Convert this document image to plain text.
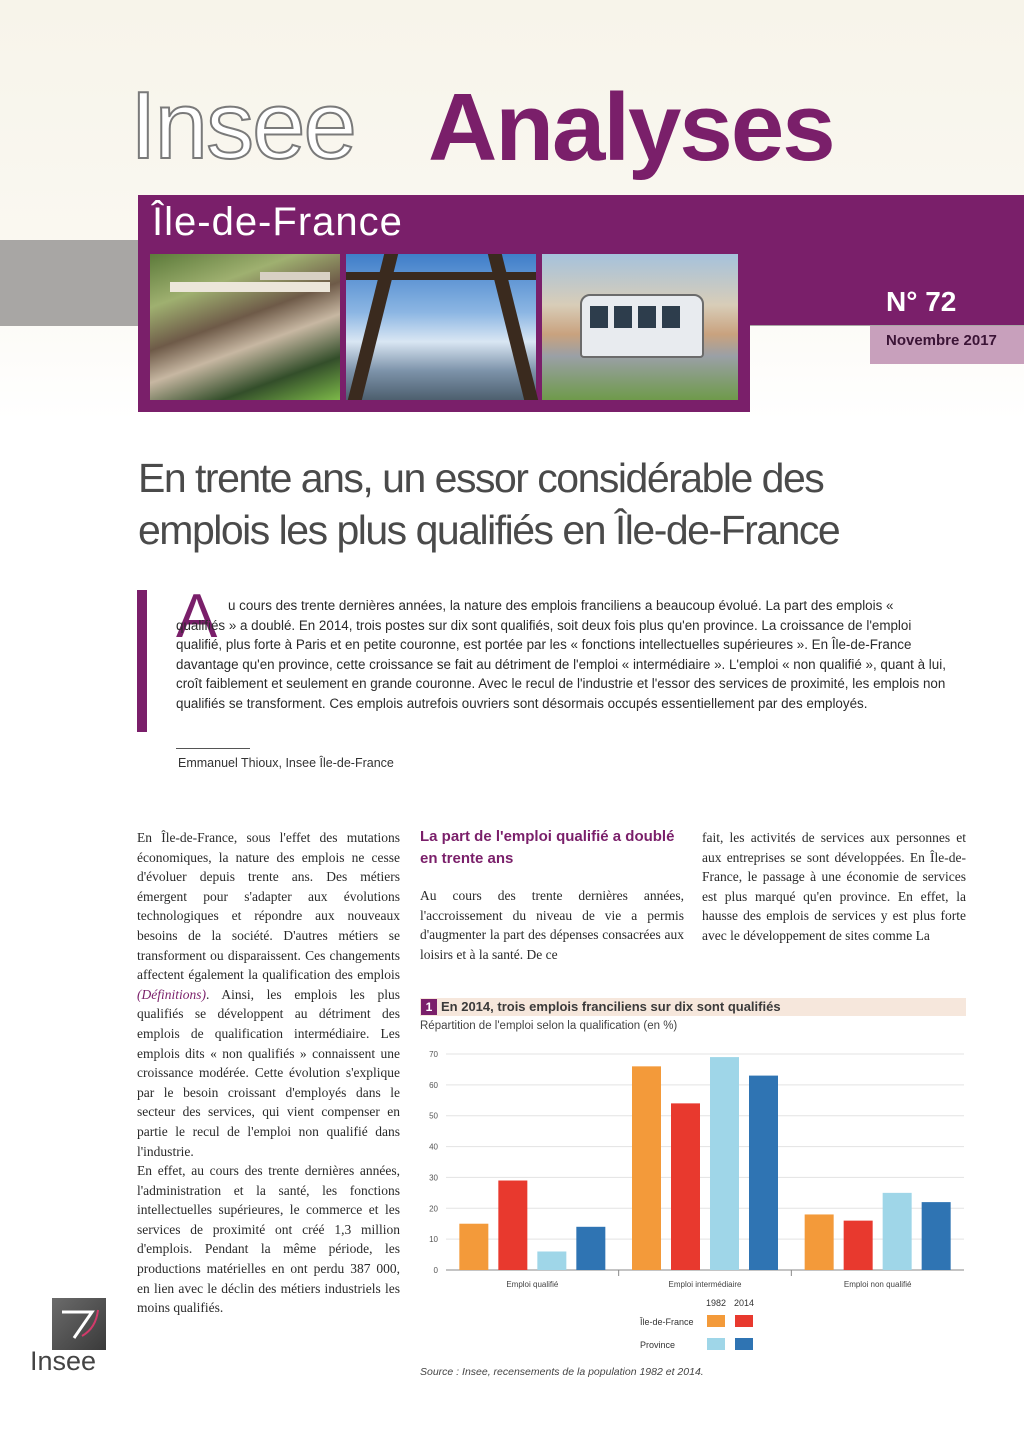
Insee Analyses
Île-de-France
N° 72
Novembre 2017
En trente ans, un essor considérable des emplois les plus qualifiés en Île-de-France
A u cours des trente dernières années, la nature des emplois franciliens a beaucoup évolué. La part des emplois « qualifiés » a doublé. En 2014, trois postes sur dix sont qualifiés, soit deux fois plus qu'en province. La croissance de l'emploi qualifié, plus forte à Paris et en petite couronne, est portée par les « fonctions intellectuelles supérieures ». En Île-de-France davantage qu'en province, cette croissance se fait au détriment de l'emploi « intermédiaire ». L'emploi « non qualifié », quant à lui, croît faiblement et seulement en grande couronne. Avec le recul de l'industrie et l'essor des services de proximité, les emplois non qualifiés se transforment. Ces emplois autrefois ouvriers sont désormais occupés essentiellement par des employés.
Emmanuel Thioux, Insee Île-de-France

En Île-de-France, sous l'effet des mutations économiques, la nature des emplois ne cesse d'évoluer depuis trente ans. Des métiers émergent pour s'adapter aux évolutions technologiques et répondre aux nouveaux besoins de la société. D'autres métiers se transforment ou disparaissent. Ces changements affectent également la qualification des emplois (Définitions). Ainsi, les emplois les plus qualifiés se développent au détriment des emplois de qualification intermédiaire. Les emplois dits « non qualifiés » connaissent une croissance modérée. Cette évolution s'explique par le besoin croissant d'employés dans le secteur des services, qui vient compenser en partie le recul de l'emploi non qualifié dans l'industrie.

En effet, au cours des trente dernières années, l'administration et la santé, les fonctions intellectuelles supérieures, le commerce et les services de proximité ont créé 1,3 million d'emplois. Pendant la même période, les productions matérielles en ont perdu 387 000, en lien avec le déclin des métiers industriels les moins qualifiés.

La part de l'emploi qualifié a doublé en trente ans
Au cours des trente dernières années, l'accroissement du niveau de vie a permis d'augmenter la part des dépenses consacrées aux loisirs et à la santé. De ce
fait, les activités de services aux personnes et aux entreprises se sont développées. En Île-de-France, le passage à une économie de services est plus marqué qu'en province. En effet, la hausse des emplois de services y est plus forte avec le développement de sites comme La
1 En 2014, trois emplois franciliens sur dix sont qualifiés
Répartition de l'emploi selon la qualification (en %)
0
10
20
30
40
50
60
70
Emploi qualifié	Emploi intermédiaire	Emploi non qualifié
1982 2014
Île-de-France
Province
Source : Insee, recensements de la population 1982 et 2014.
Insee
